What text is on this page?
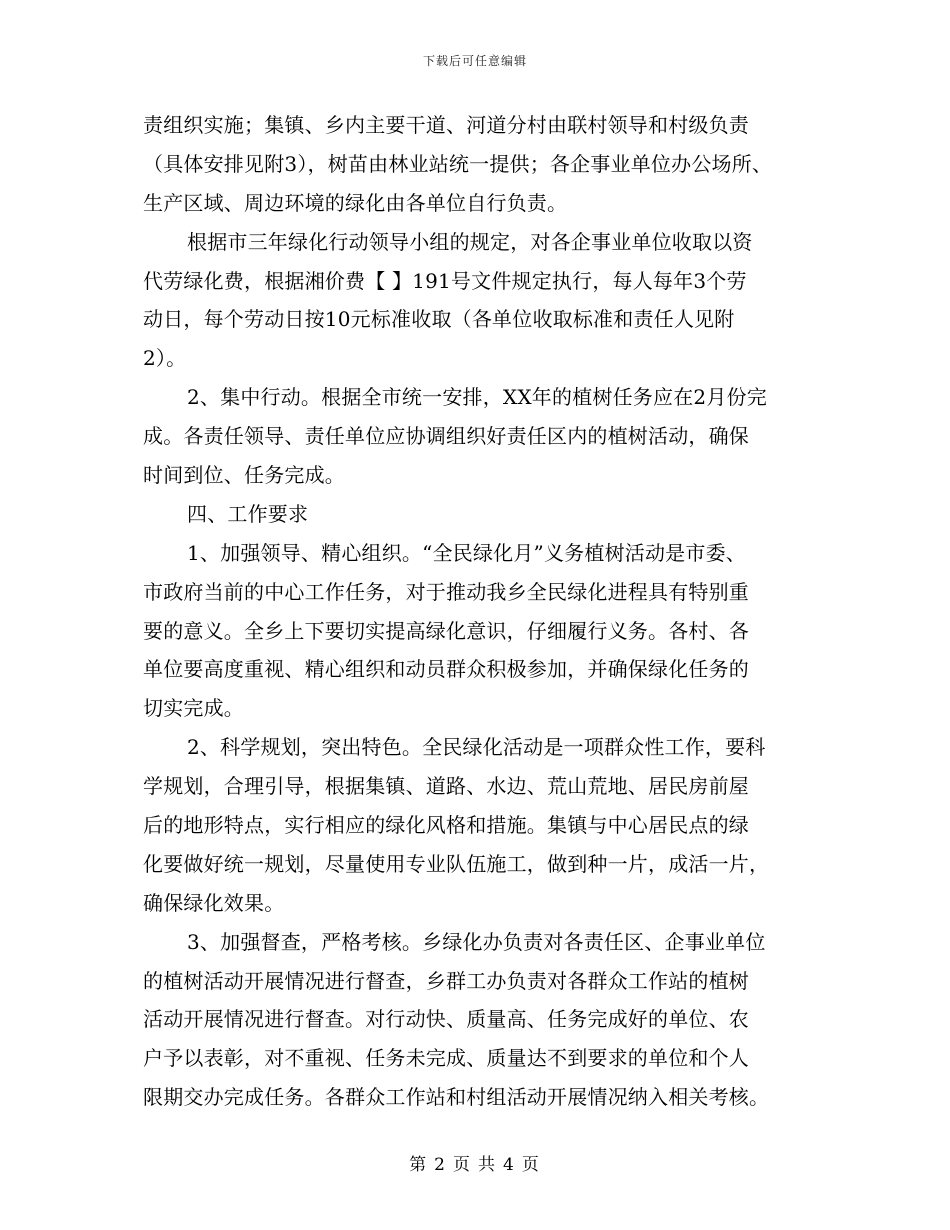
下载后可任意编辑
责组织实施；集镇、乡内主要干道、河道分村由联村领导和村级负责
（具体安排见附3），树苗由林业站统一提供；各企事业单位办公场所、
生产区域、周边环境的绿化由各单位自行负责。
根据市三年绿化行动领导小组的规定，对各企事业单位收取以资
代劳绿化费，根据湘价费【 】191号文件规定执行，每人每年3个劳
动日，每个劳动日按10元标准收取（各单位收取标准和责任人见附
2）。
2、集中行动。根据全市统一安排，XX年的植树任务应在2月份完
成。各责任领导、责任单位应协调组织好责任区内的植树活动，确保
时间到位、任务完成。
四、工作要求
1、加强领导、精心组织。“全民绿化月”义务植树活动是市委、
市政府当前的中心工作任务，对于推动我乡全民绿化进程具有特别重
要的意义。全乡上下要切实提高绿化意识，仔细履行义务。各村、各
单位要高度重视、精心组织和动员群众积极参加，并确保绿化任务的
切实完成。
2、科学规划，突出特色。全民绿化活动是一项群众性工作，要科
学规划，合理引导，根据集镇、道路、水边、荒山荒地、居民房前屋
后的地形特点，实行相应的绿化风格和措施。集镇与中心居民点的绿
化要做好统一规划，尽量使用专业队伍施工，做到种一片，成活一片，
确保绿化效果。
3、加强督查，严格考核。乡绿化办负责对各责任区、企事业单位
的植树活动开展情况进行督查，乡群工办负责对各群众工作站的植树
活动开展情况进行督查。对行动快、质量高、任务完成好的单位、农
户予以表彰，对不重视、任务未完成、质量达不到要求的单位和个人
限期交办完成任务。各群众工作站和村组活动开展情况纳入相关考核。
第 2 页 共 4 页
